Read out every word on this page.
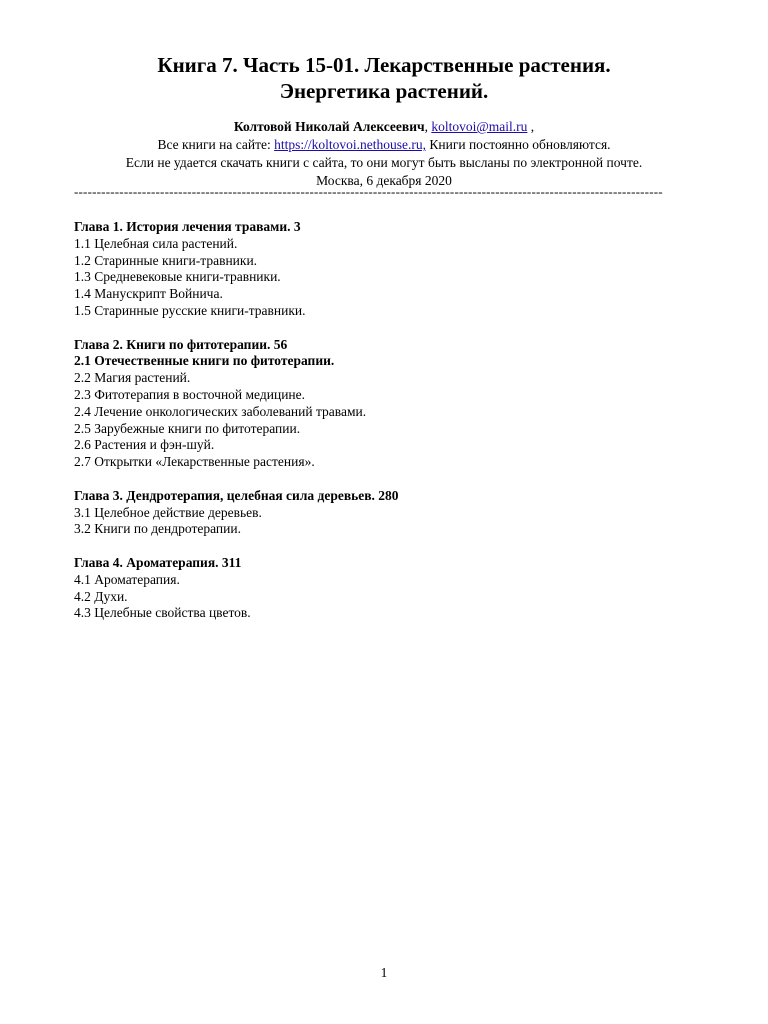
Книга 7. Часть 15-01. Лекарственные растения.
Энергетика растений.
Колтовой Николай Алексеевич, koltovoi@mail.ru ,
Все книги на сайте: https://koltovoi.nethouse.ru, Книги постоянно обновляются.
Если не удается скачать книги с сайта, то они могут быть высланы по электронной почте.
Москва, 6 декабря 2020
----------------------------------------------------------------------------------------------------------------------------------
Глава 1. История лечения травами. 3
1.1 Целебная сила растений.
1.2 Старинные книги-травники.
1.3 Средневековые книги-травники.
1.4 Манускрипт Войнича.
1.5 Старинные русские книги-травники.
Глава 2. Книги по фитотерапии. 56
2.1 Отечественные книги по фитотерапии.
2.2 Магия растений.
2.3 Фитотерапия в восточной медицине.
2.4 Лечение онкологических заболеваний травами.
2.5 Зарубежные книги по фитотерапии.
2.6 Растения и фэн-шуй.
2.7 Открытки «Лекарственные растения».
Глава 3. Дендротерапия, целебная сила деревьев. 280
3.1 Целебное действие деревьев.
3.2 Книги по дендротерапии.
Глава 4. Ароматерапия. 311
4.1 Ароматерапия.
4.2 Духи.
4.3 Целебные свойства цветов.
1
